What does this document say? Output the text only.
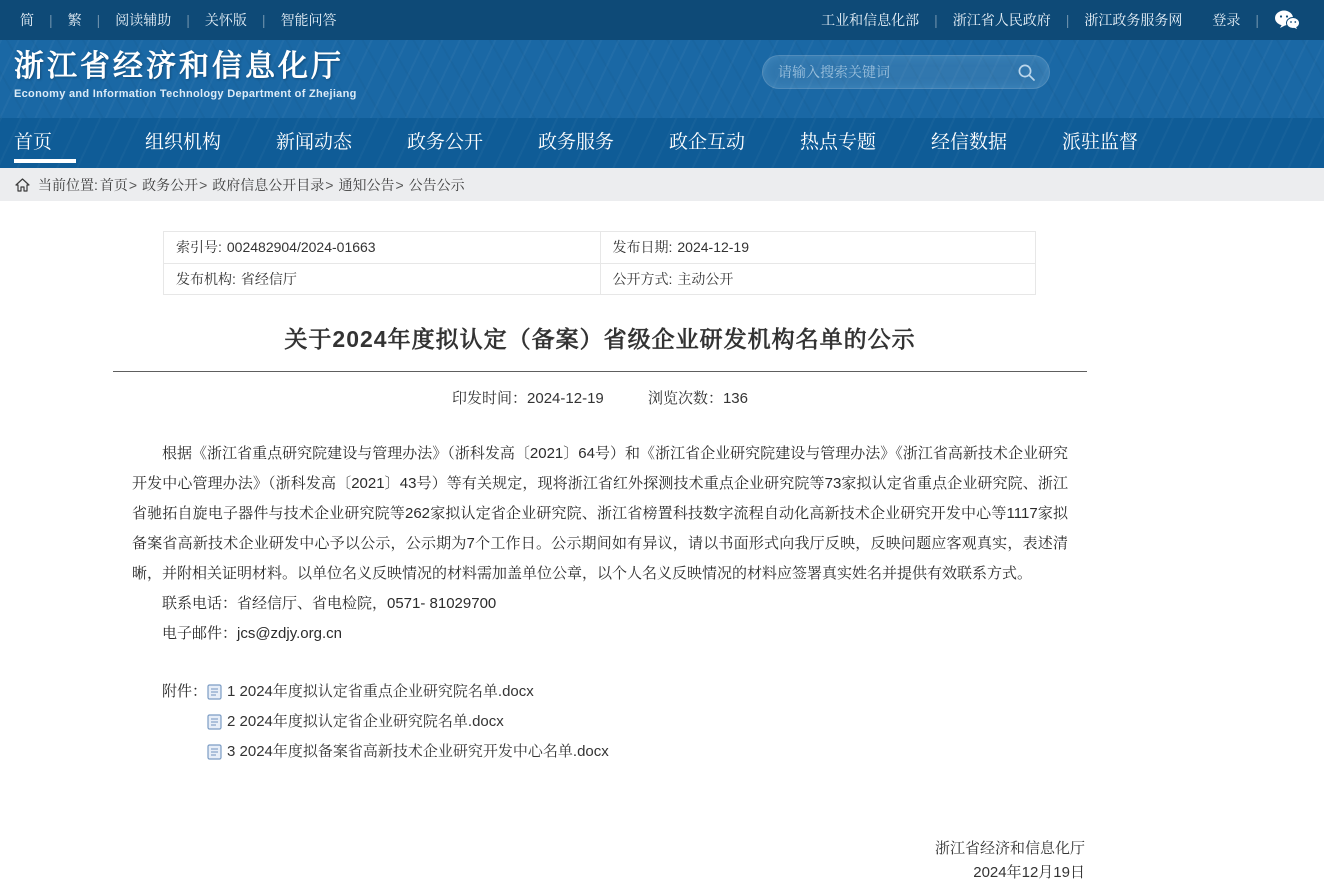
简 | 繁 | 阅读辅助 | 关怀版 | 智能问答	工业和信息化部 | 浙江省人民政府 | 浙江政务服务网 登录 |
浙江省经济和信息化厅
Economy and Information Technology Department of Zhejiang
请输入搜索关键词
首页	组织机构	新闻动态	政务公开	政务服务	政企互动	热点专题	经信数据	派驻监督
当前位置: 首页 > 政务公开 > 政府信息公开目录 > 通知公告 > 公告公示
索引号: 002482904/2024-01663	发布日期: 2024-12-19
发布机构: 省经信厅	公开方式: 主动公开
关于2024年度拟认定（备案）省级企业研发机构名单的公示
印发时间：2024-12-19	浏览次数：136

根据《浙江省重点研究院建设与管理办法》（浙科发高〔2021〕64号）和《浙江省企业研究院建设与管理办法》《浙江省高新技术企业研究开发中心管理办法》（浙科发高〔2021〕43号）等有关规定，现将浙江省红外探测技术重点企业研究院等73家拟认定省重点企业研究院、浙江省驰拓自旋电子器件与技术企业研究院等262家拟认定省企业研究院、浙江省榜置科技数字流程自动化高新技术企业研究开发中心等1117家拟备案省高新技术企业研发中心予以公示，公示期为7个工作日。公示期间如有异议，请以书面形式向我厅反映，反映问题应客观真实，表述清晰，并附相关证明材料。以单位名义反映情况的材料需加盖单位公章，以个人名义反映情况的材料应签署真实姓名并提供有效联系方式。

联系电话：省经信厅、省电检院，0571- 81029700

电子邮件：jcs@zdjy.org.cn

附件： 1 2024年度拟认定省重点企业研究院名单.docx
2 2024年度拟认定省企业研究院名单.docx
3 2024年度拟备案省高新技术企业研究开发中心名单.docx
浙江省经济和信息化厅
2024年12月19日
